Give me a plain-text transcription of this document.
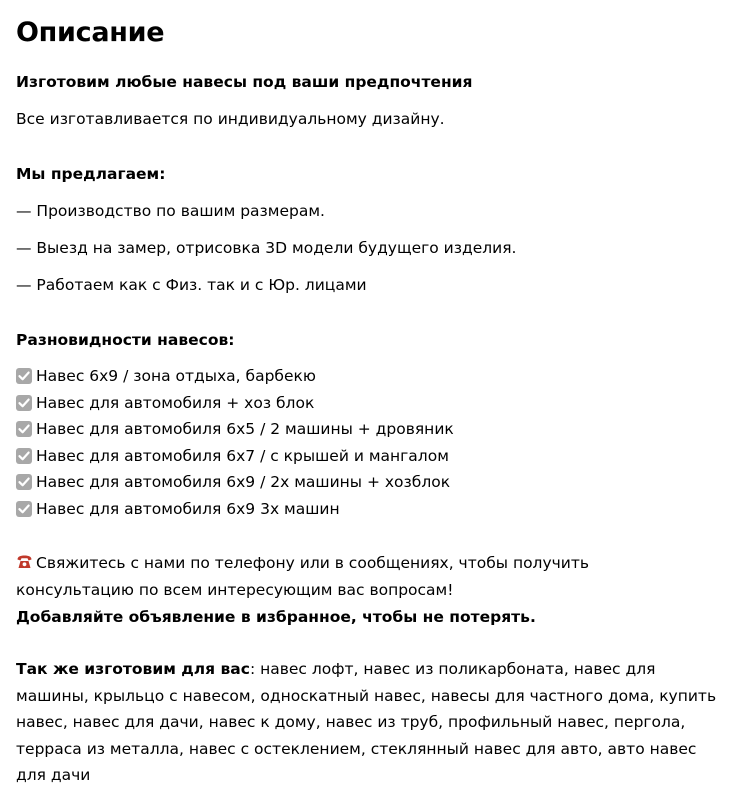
Описание

Изготовим любые навесы под ваши предпочтения

Все изготавливается по индивидуальному дизайну.

Мы предлагаем:

— Производство по вашим размерам.

— Выезд на замер, отрисовка 3D модели будущего изделия.

— Работаем как с Физ. так и с Юр. лицами

Разновидности навесов:

Навес 6x9 / зона отдыха, барбекю
Навес для автомобиля + хоз блок
Навес для автомобиля 6х5 / 2 машины + дровяник
Навес для автомобиля 6х7 / с крышей и мангалом
Навес для автомобиля 6х9 / 2х машины + хозблок
Навес для автомобиля 6х9 3х машин

Свяжитесь с нами по телефону или в сообщениях, чтобы получить
консультацию по всем интересующим вас вопросам!

Добавляйте объявление в избранное, чтобы не потерять.

Так же изготовим для вас: навес лофт, навес из поликарбоната, навес для машины, крыльцо с навесом, односкатный навес, навесы для частного дома, купить навес, навес для дачи, навес к дому, навес из труб, профильный навес, пергола, терраса из металла, навес с остеклением, стеклянный навес для авто, авто навес для дачи
